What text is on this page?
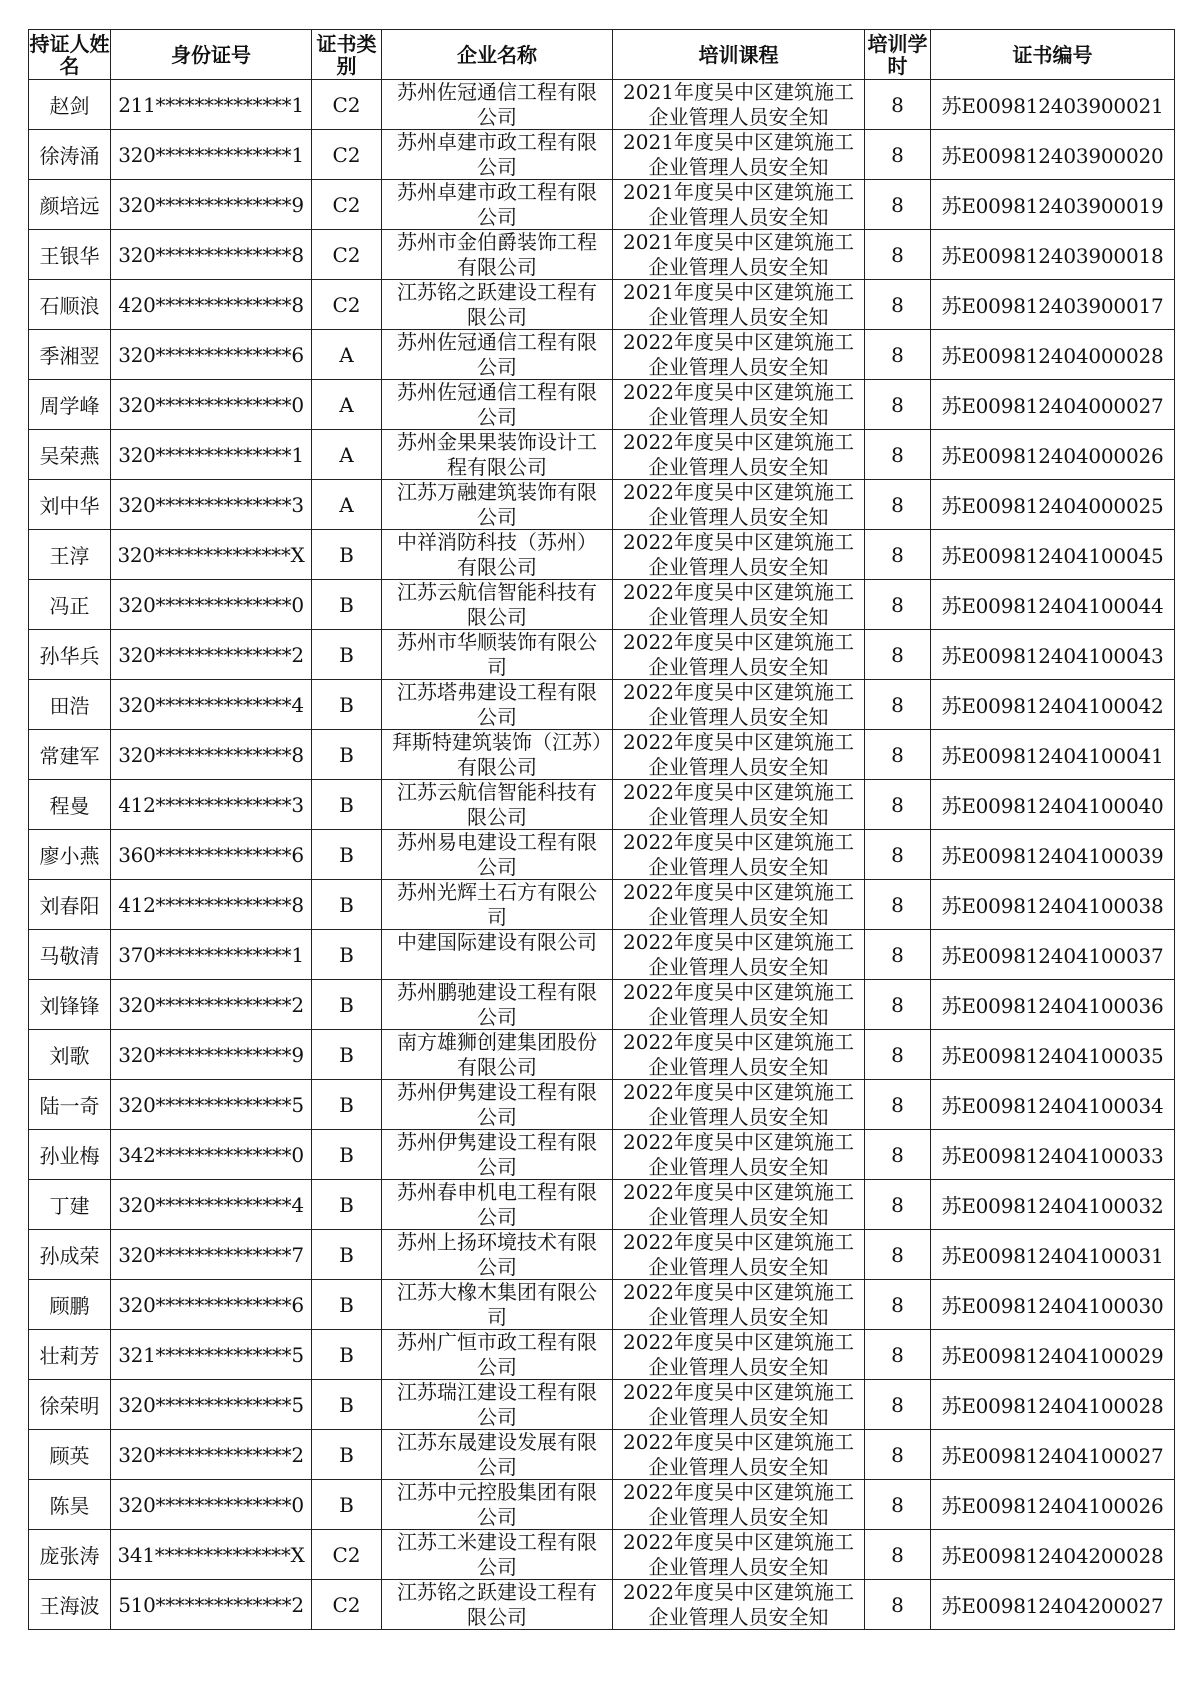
持证人姓名	身份证号	证书类别	企业名称	培训课程	培训学时	证书编号
赵剑	211**************1	C2	苏州佐冠通信工程有限公司	2021年度吴中区建筑施工企业管理人员安全知	8	苏E009812403900021
徐涛涌	320**************1	C2	苏州卓建市政工程有限公司	2021年度吴中区建筑施工企业管理人员安全知	8	苏E009812403900020
颜培远	320**************9	C2	苏州卓建市政工程有限公司	2021年度吴中区建筑施工企业管理人员安全知	8	苏E009812403900019
王银华	320**************8	C2	苏州市金伯爵装饰工程有限公司	2021年度吴中区建筑施工企业管理人员安全知	8	苏E009812403900018
石顺浪	420**************8	C2	江苏铭之跃建设工程有限公司	2021年度吴中区建筑施工企业管理人员安全知	8	苏E009812403900017
季湘翌	320**************6	A	苏州佐冠通信工程有限公司	2022年度吴中区建筑施工企业管理人员安全知	8	苏E009812404000028
周学峰	320**************0	A	苏州佐冠通信工程有限公司	2022年度吴中区建筑施工企业管理人员安全知	8	苏E009812404000027
吴荣燕	320**************1	A	苏州金果果装饰设计工程有限公司	2022年度吴中区建筑施工企业管理人员安全知	8	苏E009812404000026
刘中华	320**************3	A	江苏万融建筑装饰有限公司	2022年度吴中区建筑施工企业管理人员安全知	8	苏E009812404000025
王淳	320**************X	B	中祥消防科技（苏州）有限公司	2022年度吴中区建筑施工企业管理人员安全知	8	苏E009812404100045
冯正	320**************0	B	江苏云航信智能科技有限公司	2022年度吴中区建筑施工企业管理人员安全知	8	苏E009812404100044
孙华兵	320**************2	B	苏州市华顺装饰有限公司	2022年度吴中区建筑施工企业管理人员安全知	8	苏E009812404100043
田浩	320**************4	B	江苏塔弗建设工程有限公司	2022年度吴中区建筑施工企业管理人员安全知	8	苏E009812404100042
常建军	320**************8	B	拜斯特建筑装饰（江苏）有限公司	2022年度吴中区建筑施工企业管理人员安全知	8	苏E009812404100041
程曼	412**************3	B	江苏云航信智能科技有限公司	2022年度吴中区建筑施工企业管理人员安全知	8	苏E009812404100040
廖小燕	360**************6	B	苏州易电建设工程有限公司	2022年度吴中区建筑施工企业管理人员安全知	8	苏E009812404100039
刘春阳	412**************8	B	苏州光辉土石方有限公司	2022年度吴中区建筑施工企业管理人员安全知	8	苏E009812404100038
马敬清	370**************1	B	中建国际建设有限公司	2022年度吴中区建筑施工企业管理人员安全知	8	苏E009812404100037
刘锋锋	320**************2	B	苏州鹏驰建设工程有限公司	2022年度吴中区建筑施工企业管理人员安全知	8	苏E009812404100036
刘歌	320**************9	B	南方雄狮创建集团股份有限公司	2022年度吴中区建筑施工企业管理人员安全知	8	苏E009812404100035
陆一奇	320**************5	B	苏州伊隽建设工程有限公司	2022年度吴中区建筑施工企业管理人员安全知	8	苏E009812404100034
孙业梅	342**************0	B	苏州伊隽建设工程有限公司	2022年度吴中区建筑施工企业管理人员安全知	8	苏E009812404100033
丁建	320**************4	B	苏州春申机电工程有限公司	2022年度吴中区建筑施工企业管理人员安全知	8	苏E009812404100032
孙成荣	320**************7	B	苏州上扬环境技术有限公司	2022年度吴中区建筑施工企业管理人员安全知	8	苏E009812404100031
顾鹏	320**************6	B	江苏大橡木集团有限公司	2022年度吴中区建筑施工企业管理人员安全知	8	苏E009812404100030
壮莉芳	321**************5	B	苏州广恒市政工程有限公司	2022年度吴中区建筑施工企业管理人员安全知	8	苏E009812404100029
徐荣明	320**************5	B	江苏瑞江建设工程有限公司	2022年度吴中区建筑施工企业管理人员安全知	8	苏E009812404100028
顾英	320**************2	B	江苏东晟建设发展有限公司	2022年度吴中区建筑施工企业管理人员安全知	8	苏E009812404100027
陈昊	320**************0	B	江苏中元控股集团有限公司	2022年度吴中区建筑施工企业管理人员安全知	8	苏E009812404100026
庞张涛	341**************X	C2	江苏工米建设工程有限公司	2022年度吴中区建筑施工企业管理人员安全知	8	苏E009812404200028
王海波	510**************2	C2	江苏铭之跃建设工程有限公司	2022年度吴中区建筑施工企业管理人员安全知	8	苏E009812404200027
